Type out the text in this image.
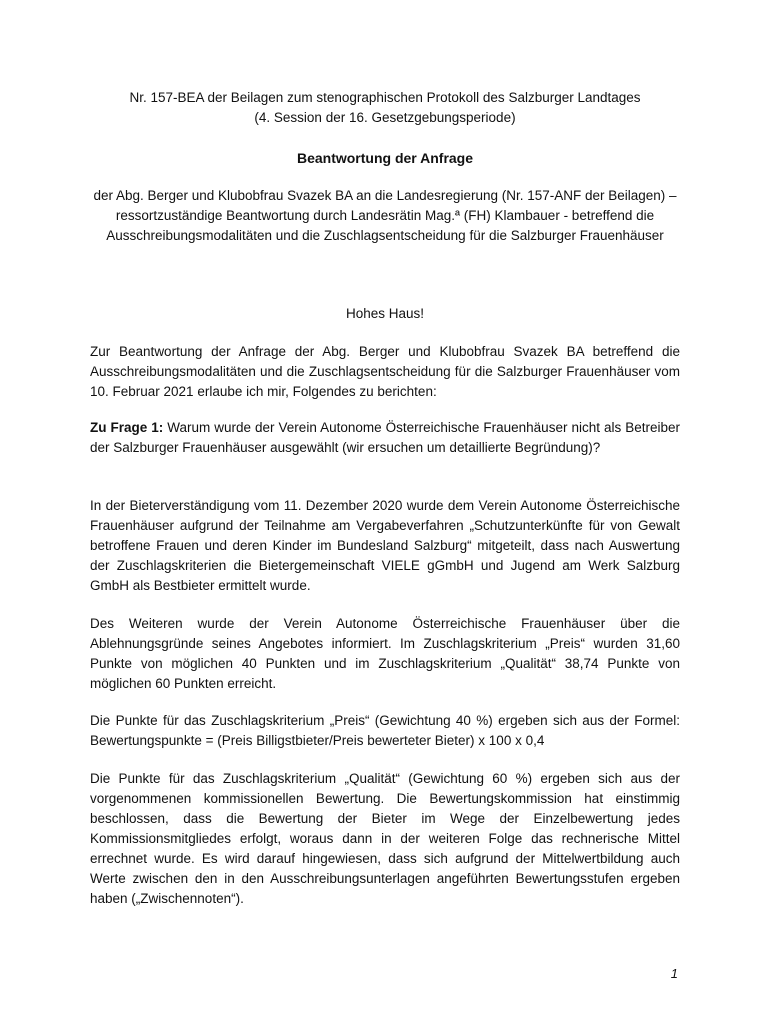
Nr. 157-BEA der Beilagen zum stenographischen Protokoll des Salzburger Landtages
(4. Session der 16. Gesetzgebungsperiode)
Beantwortung der Anfrage
der Abg. Berger und Klubobfrau Svazek BA an die Landesregierung (Nr. 157-ANF der Beilagen) – ressortzuständige Beantwortung durch Landesrätin Mag.ª (FH) Klambauer - betreffend die Ausschreibungsmodalitäten und die Zuschlagsentscheidung für die Salzburger Frauenhäuser
Hohes Haus!
Zur Beantwortung der Anfrage der Abg. Berger und Klubobfrau Svazek BA betreffend die Ausschreibungsmodalitäten und die Zuschlagsentscheidung für die Salzburger Frauenhäuser vom 10. Februar 2021 erlaube ich mir, Folgendes zu berichten:
Zu Frage 1: Warum wurde der Verein Autonome Österreichische Frauenhäuser nicht als Betreiber der Salzburger Frauenhäuser ausgewählt (wir ersuchen um detaillierte Begründung)?
In der Bieterverständigung vom 11. Dezember 2020 wurde dem Verein Autonome Österreichische Frauenhäuser aufgrund der Teilnahme am Vergabeverfahren „Schutzunterkünfte für von Gewalt betroffene Frauen und deren Kinder im Bundesland Salzburg“ mitgeteilt, dass nach Auswertung der Zuschlagskriterien die Bietergemeinschaft VIELE gGmbH und Jugend am Werk Salzburg GmbH als Bestbieter ermittelt wurde.
Des Weiteren wurde der Verein Autonome Österreichische Frauenhäuser über die Ablehnungsgründe seines Angebotes informiert. Im Zuschlagskriterium „Preis“ wurden 31,60 Punkte von möglichen 40 Punkten und im Zuschlagskriterium „Qualität“ 38,74 Punkte von möglichen 60 Punkten erreicht.
Die Punkte für das Zuschlagskriterium „Preis“ (Gewichtung 40 %) ergeben sich aus der Formel: Bewertungspunkte = (Preis Billigstbieter/Preis bewerteter Bieter) x 100 x 0,4
Die Punkte für das Zuschlagskriterium „Qualität“ (Gewichtung 60 %) ergeben sich aus der vorgenommenen kommissionellen Bewertung. Die Bewertungskommission hat einstimmig beschlossen, dass die Bewertung der Bieter im Wege der Einzelbewertung jedes Kommissionsmitgliedes erfolgt, woraus dann in der weiteren Folge das rechnerische Mittel errechnet wurde. Es wird darauf hingewiesen, dass sich aufgrund der Mittelwertbildung auch Werte zwischen den in den Ausschreibungsunterlagen angeführten Bewertungsstufen ergeben haben („Zwischennoten“).
1
